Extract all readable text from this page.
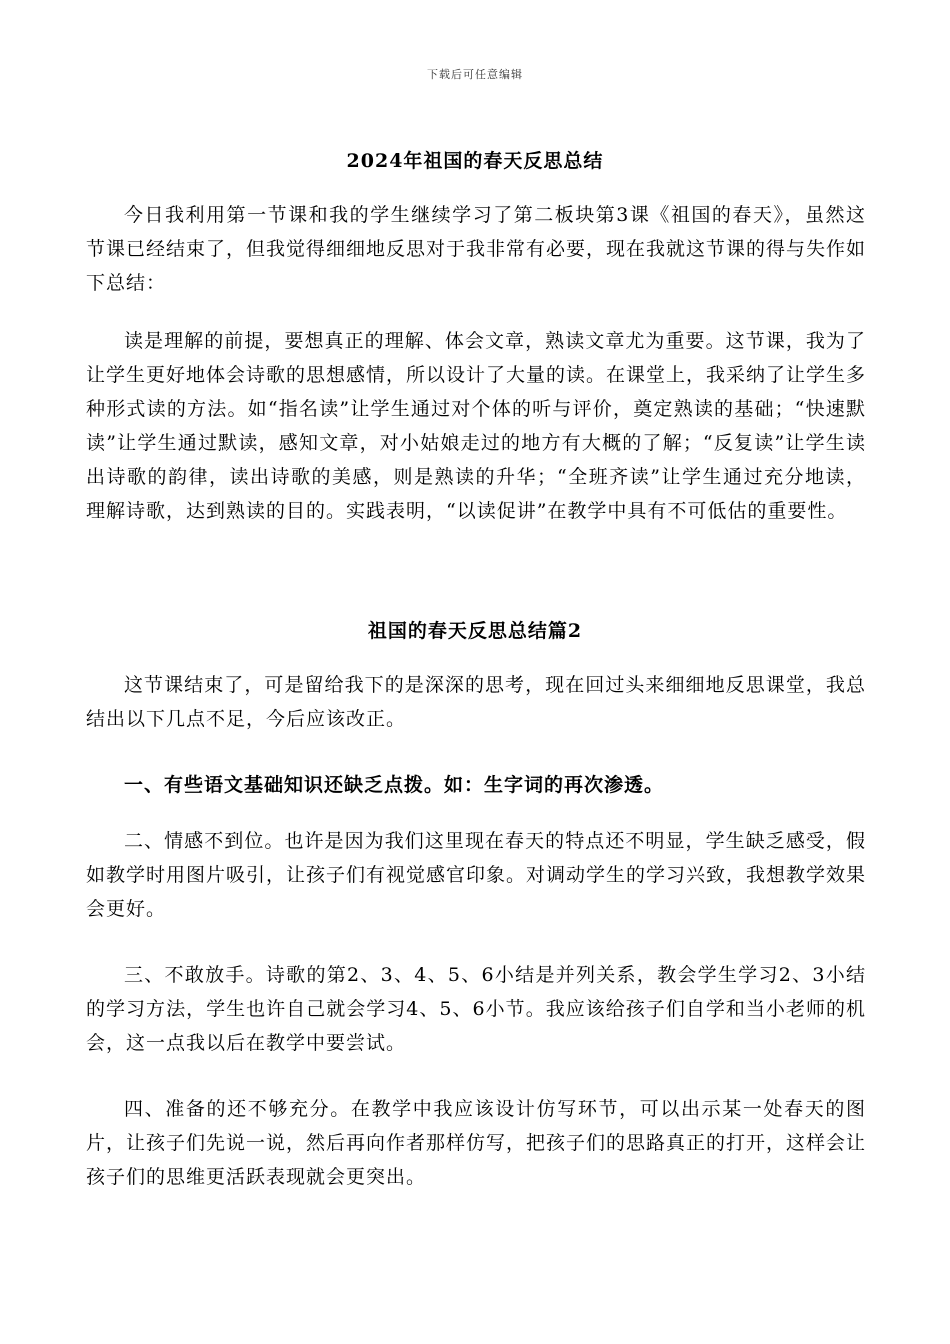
下载后可任意编辑
2024年祖国的春天反思总结
今日我利用第一节课和我的学生继续学习了第二板块第3课《祖国的春天》，虽然这节课已经结束了，但我觉得细细地反思对于我非常有必要，现在我就这节课的得与失作如下总结：
读是理解的前提，要想真正的理解、体会文章，熟读文章尤为重要。这节课，我为了让学生更好地体会诗歌的思想感情，所以设计了大量的读。在课堂上，我采纳了让学生多种形式读的方法。如“指名读”让学生通过对个体的听与评价，奠定熟读的基础；“快速默读”让学生通过默读，感知文章，对小姑娘走过的地方有大概的了解；“反复读”让学生读出诗歌的韵律，读出诗歌的美感，则是熟读的升华；“全班齐读”让学生通过充分地读，理解诗歌，达到熟读的目的。实践表明，“以读促讲”在教学中具有不可低估的重要性。
祖国的春天反思总结篇2
这节课结束了，可是留给我下的是深深的思考，现在回过头来细细地反思课堂，我总结出以下几点不足，今后应该改正。
一、有些语文基础知识还缺乏点拨。如：生字词的再次渗透。
二、情感不到位。也许是因为我们这里现在春天的特点还不明显，学生缺乏感受，假如教学时用图片吸引，让孩子们有视觉感官印象。对调动学生的学习兴致，我想教学效果会更好。
三、不敢放手。诗歌的第2、3、4、5、6小结是并列关系，教会学生学习2、3小结的学习方法，学生也许自己就会学习4、5、6小节。我应该给孩子们自学和当小老师的机会，这一点我以后在教学中要尝试。
四、准备的还不够充分。在教学中我应该设计仿写环节，可以出示某一处春天的图片，让孩子们先说一说，然后再向作者那样仿写，把孩子们的思路真正的打开，这样会让孩子们的思维更活跃表现就会更突出。
